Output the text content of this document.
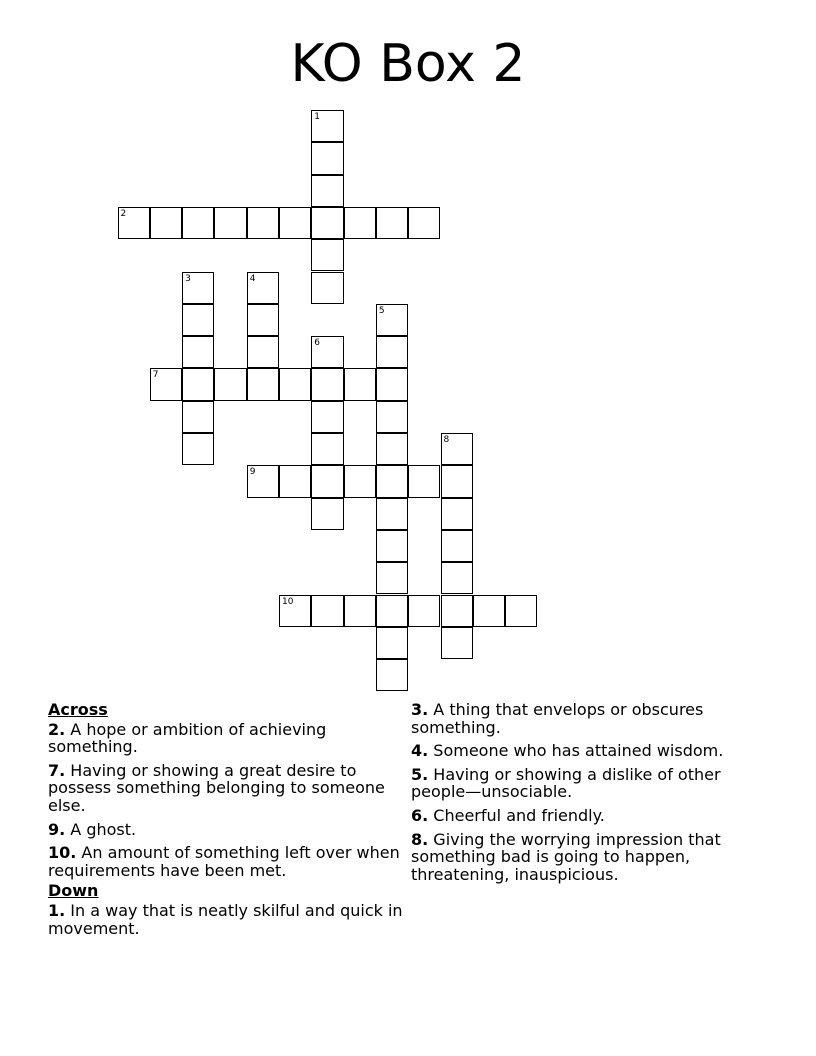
KO Box 2
1
2
3	4
5
6
7
8
9
10
Across
2. A hope or ambition of achieving something.
7. Having or showing a great desire to possess something belonging to someone else.
9. A ghost.
10. An amount of something left over when requirements have been met.
Down
1. In a way that is neatly skilful and quick in movement.
3. A thing that envelops or obscures something.
4. Someone who has attained wisdom.
5. Having or showing a dislike of other people—unsociable.
6. Cheerful and friendly.
8. Giving the worrying impression that something bad is going to happen, threatening, inauspicious.
